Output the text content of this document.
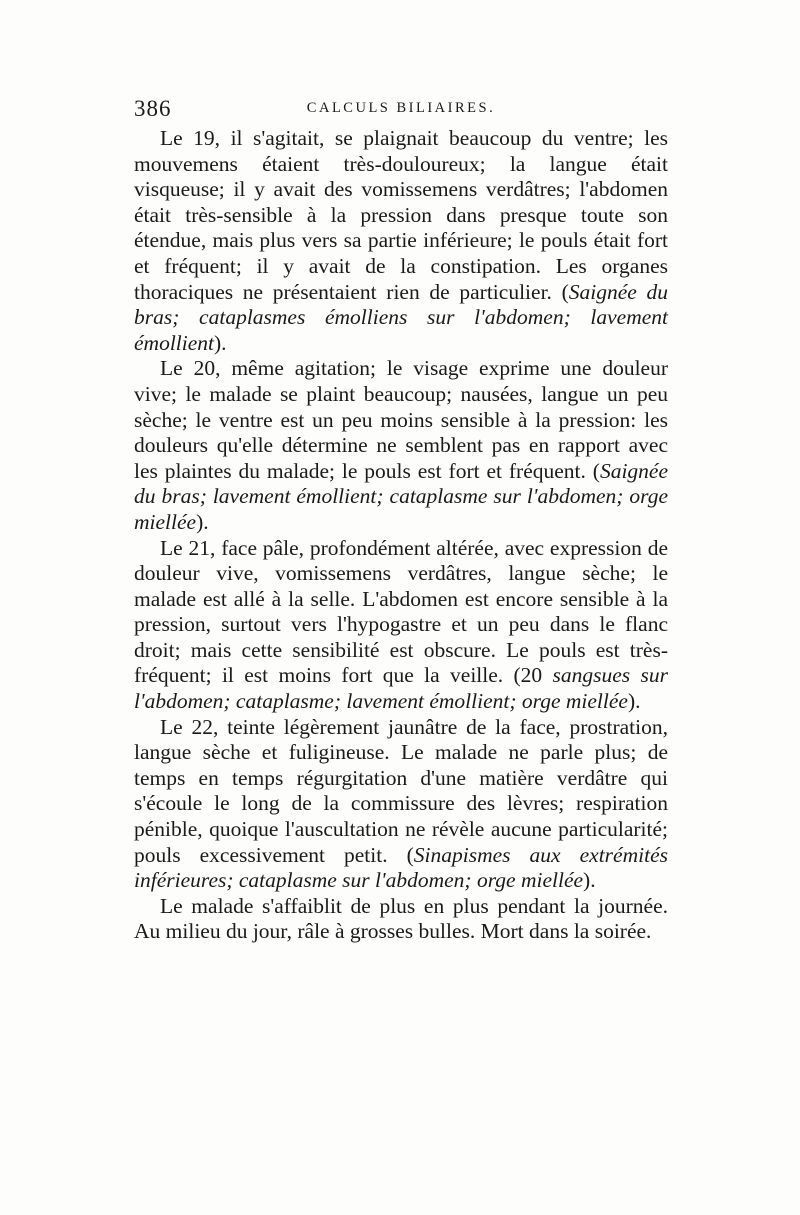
386	CALCULS BILIAIRES.

Le 19, il s'agitait, se plaignait beaucoup du ventre; les mouvemens étaient très-douloureux; la langue était visqueuse; il y avait des vomissemens verdâtres; l'abdomen était très-sensible à la pression dans presque toute son étendue, mais plus vers sa partie inférieure; le pouls était fort et fréquent; il y avait de la constipation. Les organes thoraciques ne présentaient rien de particulier. (Saignée du bras; cataplasmes émolliens sur l'abdomen; lavement émollient).

Le 20, même agitation; le visage exprime une douleur vive; le malade se plaint beaucoup; nausées, langue un peu sèche; le ventre est un peu moins sensible à la pression: les douleurs qu'elle détermine ne semblent pas en rapport avec les plaintes du malade; le pouls est fort et fréquent. (Saignée du bras; lavement émollient; cataplasme sur l'abdomen; orge miellée).

Le 21, face pâle, profondément altérée, avec expression de douleur vive, vomissemens verdâtres, langue sèche; le malade est allé à la selle. L'abdomen est encore sensible à la pression, surtout vers l'hypogastre et un peu dans le flanc droit; mais cette sensibilité est obscure. Le pouls est très-fréquent; il est moins fort que la veille. (20 sangsues sur l'abdomen; cataplasme; lavement émollient; orge miellée).

Le 22, teinte légèrement jaunâtre de la face, prostration, langue sèche et fuligineuse. Le malade ne parle plus; de temps en temps régurgitation d'une matière verdâtre qui s'écoule le long de la commissure des lèvres; respiration pénible, quoique l'auscultation ne révèle aucune particularité; pouls excessivement petit. (Sinapismes aux extrémités inférieures; cataplasme sur l'abdomen; orge miellée).

Le malade s'affaiblit de plus en plus pendant la journée. Au milieu du jour, râle à grosses bulles. Mort dans la soirée.
